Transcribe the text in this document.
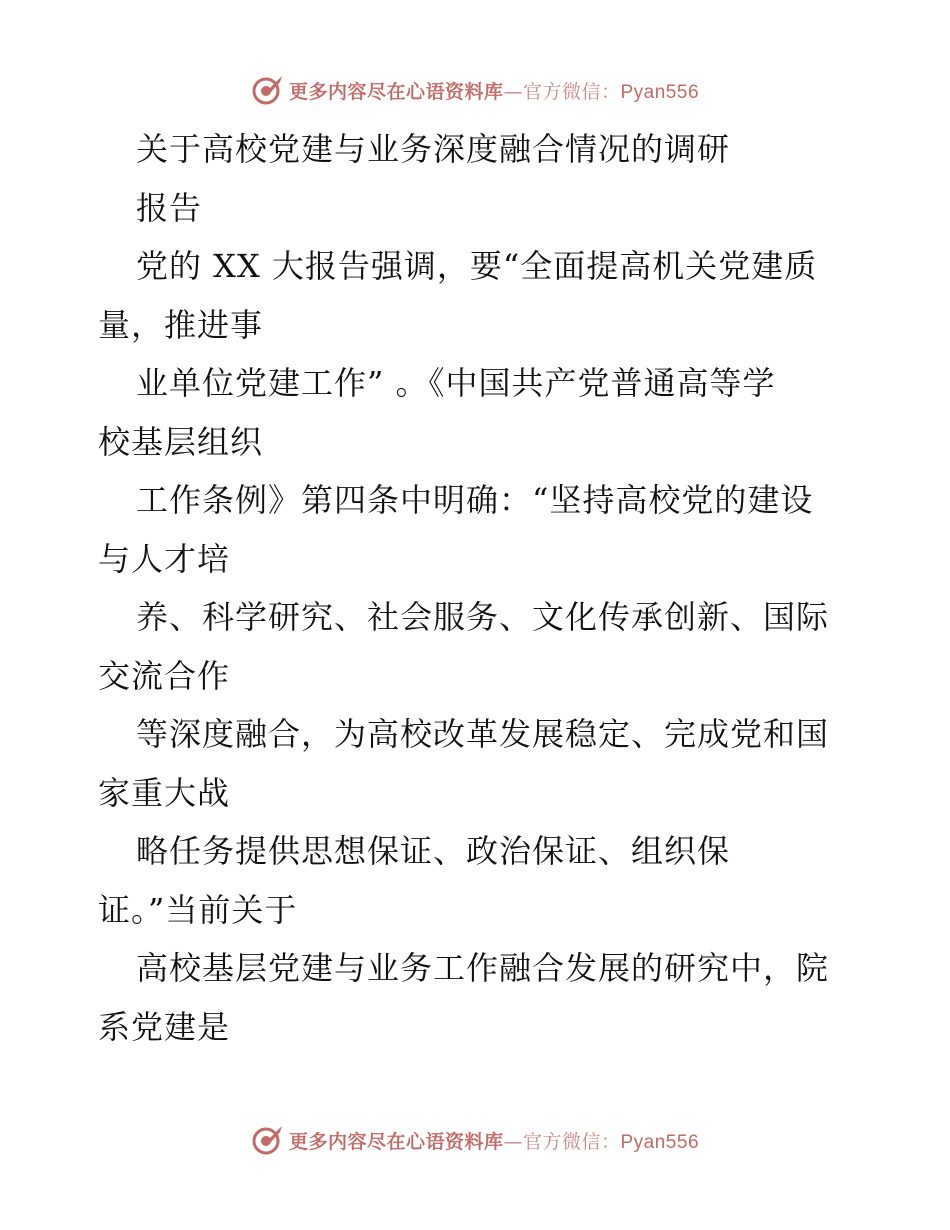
更多内容尽在心语资料库—官方微信：Pyan556
关于高校党建与业务深度融合情况的调研
报告
党的 XX 大报告强调，要“全面提高机关党建质
量，推进事
业单位党建工作” 。《中国共产党普通高等学
校基层组织
工作条例》第四条中明确：“坚持高校党的建设
与人才培
养、科学研究、社会服务、文化传承创新、国际
交流合作
等深度融合，为高校改革发展稳定、完成党和国
家重大战
略任务提供思想保证、政治保证、组织保
证。”当前关于
高校基层党建与业务工作融合发展的研究中，院
系党建是
更多内容尽在心语资料库—官方微信：Pyan556
